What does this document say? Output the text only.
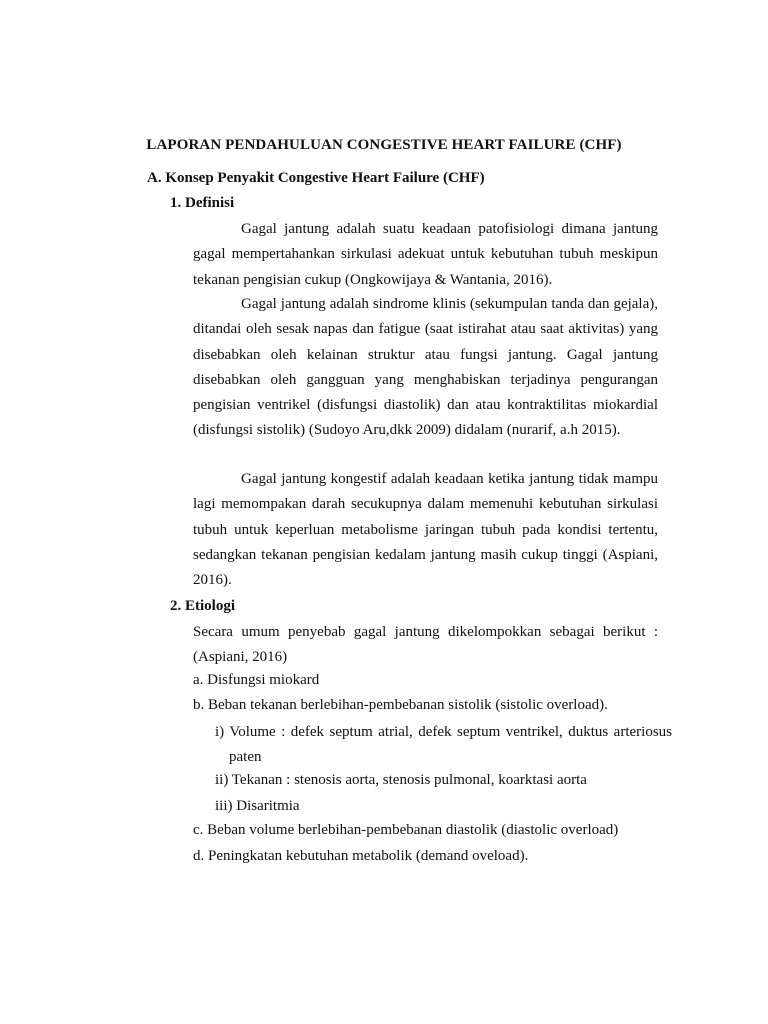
LAPORAN PENDAHULUAN CONGESTIVE HEART FAILURE (CHF)
A. Konsep Penyakit Congestive Heart Failure (CHF)
1. Definisi

Gagal jantung adalah suatu keadaan patofisiologi dimana jantung gagal mempertahankan sirkulasi adekuat untuk kebutuhan tubuh meskipun tekanan pengisian cukup (Ongkowijaya & Wantania, 2016).

Gagal jantung adalah sindrome klinis (sekumpulan tanda dan gejala), ditandai oleh sesak napas dan fatigue (saat istirahat atau saat aktivitas) yang disebabkan oleh kelainan struktur atau fungsi jantung. Gagal jantung disebabkan oleh gangguan yang menghabiskan terjadinya pengurangan pengisian ventrikel (disfungsi diastolik) dan atau kontraktilitas miokardial (disfungsi sistolik) (Sudoyo Aru,dkk 2009) didalam (nurarif, a.h 2015).

Gagal jantung kongestif adalah keadaan ketika jantung tidak mampu lagi memompakan darah secukupnya dalam memenuhi kebutuhan sirkulasi tubuh untuk keperluan metabolisme jaringan tubuh pada kondisi tertentu, sedangkan tekanan pengisian kedalam jantung masih cukup tinggi (Aspiani, 2016).

2. Etiologi

Secara umum penyebab gagal jantung dikelompokkan sebagai berikut : (Aspiani, 2016)

a. Disfungsi miokard
b. Beban tekanan berlebihan-pembebanan sistolik (sistolic overload).

i) Volume : defek septum atrial, defek septum ventrikel, duktus arteriosus paten

ii) Tekanan : stenosis aorta, stenosis pulmonal, koarktasi aorta
iii) Disaritmia
c. Beban volume berlebihan-pembebanan diastolik (diastolic overload)
d. Peningkatan kebutuhan metabolik (demand oveload).
